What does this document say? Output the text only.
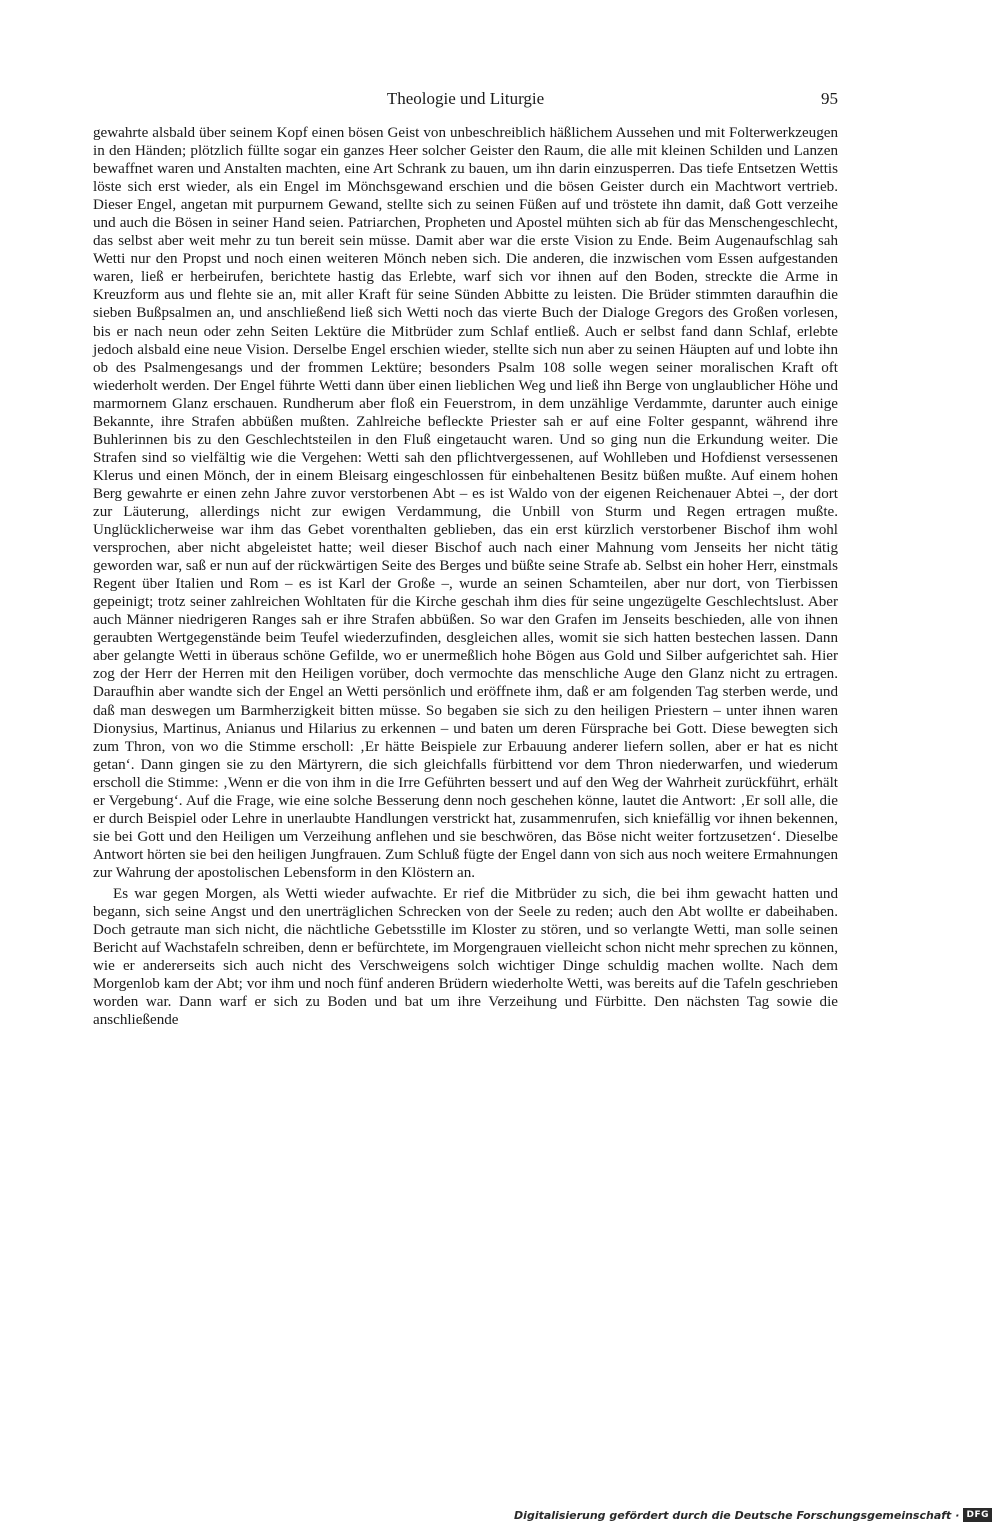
Theologie und Liturgie	95

gewahrte alsbald über seinem Kopf einen bösen Geist von unbeschreiblich häßlichem Aussehen und mit Folterwerkzeugen in den Händen; plötzlich füllte sogar ein ganzes Heer solcher Geister den Raum, die alle mit kleinen Schilden und Lanzen bewaffnet waren und Anstalten machten, eine Art Schrank zu bauen, um ihn darin einzusperren. Das tiefe Entsetzen Wettis löste sich erst wieder, als ein Engel im Mönchsgewand erschien und die bösen Geister durch ein Machtwort vertrieb. Dieser Engel, angetan mit purpurnem Gewand, stellte sich zu seinen Füßen auf und tröstete ihn damit, daß Gott verzeihe und auch die Bösen in seiner Hand seien. Patriarchen, Propheten und Apostel mühten sich ab für das Menschengeschlecht, das selbst aber weit mehr zu tun bereit sein müsse. Damit aber war die erste Vision zu Ende. Beim Augenaufschlag sah Wetti nur den Propst und noch einen weiteren Mönch neben sich. Die anderen, die inzwischen vom Essen aufgestanden waren, ließ er herbeirufen, berichtete hastig das Erlebte, warf sich vor ihnen auf den Boden, streckte die Arme in Kreuzform aus und flehte sie an, mit aller Kraft für seine Sünden Abbitte zu leisten. Die Brüder stimmten daraufhin die sieben Bußpsalmen an, und anschließend ließ sich Wetti noch das vierte Buch der Dialoge Gregors des Großen vorlesen, bis er nach neun oder zehn Seiten Lektüre die Mitbrüder zum Schlaf entließ. Auch er selbst fand dann Schlaf, erlebte jedoch alsbald eine neue Vision. Derselbe Engel erschien wieder, stellte sich nun aber zu seinen Häupten auf und lobte ihn ob des Psalmengesangs und der frommen Lektüre; besonders Psalm 108 solle wegen seiner moralischen Kraft oft wiederholt werden. Der Engel führte Wetti dann über einen lieblichen Weg und ließ ihn Berge von unglaublicher Höhe und marmornem Glanz erschauen. Rundherum aber floß ein Feuerstrom, in dem unzählige Verdammte, darunter auch einige Bekannte, ihre Strafen abbüßen mußten. Zahlreiche befleckte Priester sah er auf eine Folter gespannt, während ihre Buhlerinnen bis zu den Geschlechtsteilen in den Fluß eingetaucht waren. Und so ging nun die Erkundung weiter. Die Strafen sind so vielfältig wie die Vergehen: Wetti sah den pflichtvergessenen, auf Wohlleben und Hofdienst versessenen Klerus und einen Mönch, der in einem Bleisarg eingeschlossen für einbehaltenen Besitz büßen mußte. Auf einem hohen Berg gewahrte er einen zehn Jahre zuvor verstorbenen Abt – es ist Waldo von der eigenen Reichenauer Abtei –, der dort zur Läuterung, allerdings nicht zur ewigen Verdammung, die Unbill von Sturm und Regen ertragen mußte. Unglücklicherweise war ihm das Gebet vorenthalten geblieben, das ein erst kürzlich verstorbener Bischof ihm wohl versprochen, aber nicht abgeleistet hatte; weil dieser Bischof auch nach einer Mahnung vom Jenseits her nicht tätig geworden war, saß er nun auf der rückwärtigen Seite des Berges und büßte seine Strafe ab. Selbst ein hoher Herr, einstmals Regent über Italien und Rom – es ist Karl der Große –, wurde an seinen Schamteilen, aber nur dort, von Tierbissen gepeinigt; trotz seiner zahlreichen Wohltaten für die Kirche geschah ihm dies für seine ungezügelte Geschlechtslust. Aber auch Männer niedrigeren Ranges sah er ihre Strafen abbüßen. So war den Grafen im Jenseits beschieden, alle von ihnen geraubten Wertgegenstände beim Teufel wiederzufinden, desgleichen alles, womit sie sich hatten bestechen lassen. Dann aber gelangte Wetti in überaus schöne Gefilde, wo er unermeßlich hohe Bögen aus Gold und Silber aufgerichtet sah. Hier zog der Herr der Herren mit den Heiligen vorüber, doch vermochte das menschliche Auge den Glanz nicht zu ertragen. Daraufhin aber wandte sich der Engel an Wetti persönlich und eröffnete ihm, daß er am folgenden Tag sterben werde, und daß man deswegen um Barmherzigkeit bitten müsse. So begaben sie sich zu den heiligen Priestern – unter ihnen waren Dionysius, Martinus, Anianus und Hilarius zu erkennen – und baten um deren Fürsprache bei Gott. Diese bewegten sich zum Thron, von wo die Stimme erscholl: ‚Er hätte Beispiele zur Erbauung anderer liefern sollen, aber er hat es nicht getan‘. Dann gingen sie zu den Märtyrern, die sich gleichfalls fürbittend vor dem Thron niederwarfen, und wiederum erscholl die Stimme: ‚Wenn er die von ihm in die Irre Geführten bessert und auf den Weg der Wahrheit zurückführt, erhält er Vergebung‘. Auf die Frage, wie eine solche Besserung denn noch geschehen könne, lautet die Antwort: ‚Er soll alle, die er durch Beispiel oder Lehre in unerlaubte Handlungen verstrickt hat, zusammenrufen, sich kniefällig vor ihnen bekennen, sie bei Gott und den Heiligen um Verzeihung anflehen und sie beschwören, das Böse nicht weiter fortzusetzen‘. Dieselbe Antwort hörten sie bei den heiligen Jungfrauen. Zum Schluß fügte der Engel dann von sich aus noch weitere Ermahnungen zur Wahrung der apostolischen Lebensform in den Klöstern an.

Es war gegen Morgen, als Wetti wieder aufwachte. Er rief die Mitbrüder zu sich, die bei ihm gewacht hatten und begann, sich seine Angst und den unerträglichen Schrecken von der Seele zu reden; auch den Abt wollte er dabeihaben. Doch getraute man sich nicht, die nächtliche Gebetsstille im Kloster zu stören, und so verlangte Wetti, man solle seinen Bericht auf Wachstafeln schreiben, denn er befürchtete, im Morgengrauen vielleicht schon nicht mehr sprechen zu können, wie er andererseits sich auch nicht des Verschweigens solch wichtiger Dinge schuldig machen wollte. Nach dem Morgenlob kam der Abt; vor ihm und noch fünf anderen Brüdern wiederholte Wetti, was bereits auf die Tafeln geschrieben worden war. Dann warf er sich zu Boden und bat um ihre Verzeihung und Fürbitte. Den nächsten Tag sowie die anschließende

Digitalisierung gefördert durch die Deutsche Forschungsgemeinschaft · DFG
